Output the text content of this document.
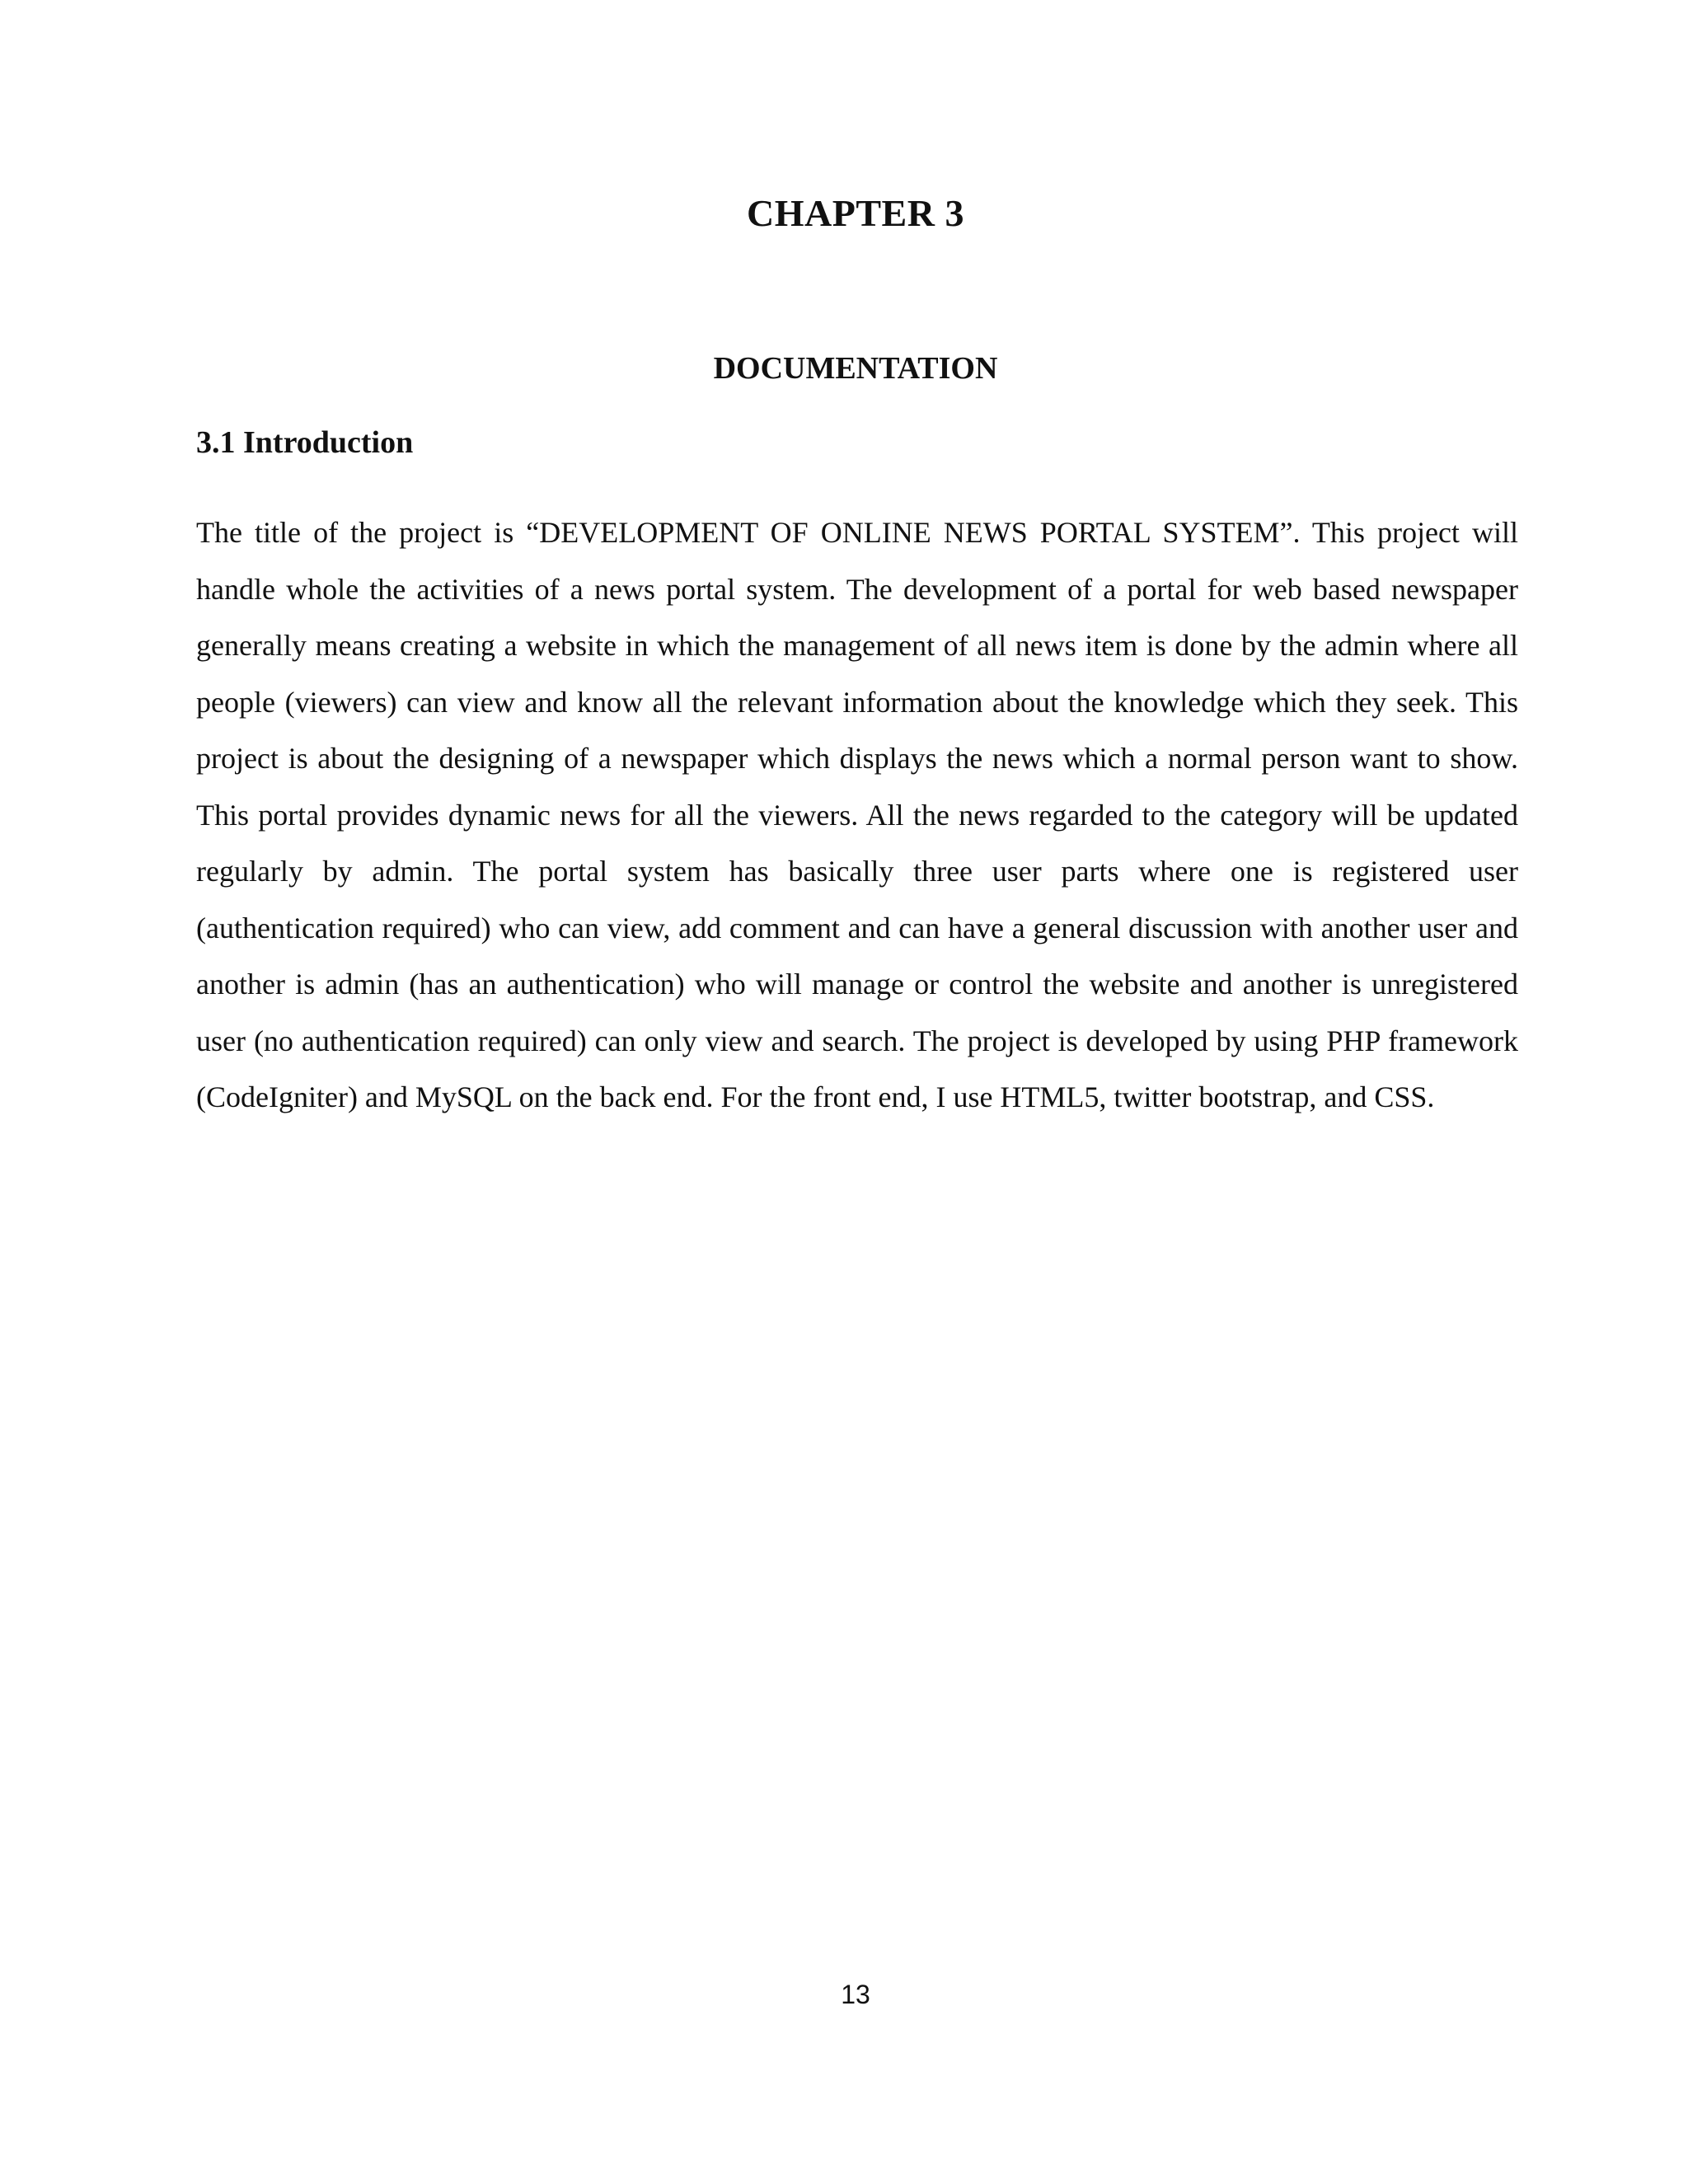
CHAPTER 3
DOCUMENTATION
3.1 Introduction

The title of the project is “DEVELOPMENT OF ONLINE NEWS PORTAL SYSTEM”. This project will handle whole the activities of a news portal system. The development of a portal for web based newspaper generally means creating a website in which the management of all news item is done by the admin where all people (viewers) can view and know all the relevant information about the knowledge which they seek. This project is about the designing of a newspaper which displays the news which a normal person want to show. This portal provides dynamic news for all the viewers. All the news regarded to the category will be updated regularly by admin. The portal system has basically three user parts where one is registered user (authentication required) who can view, add comment and can have a general discussion with another user and another is admin (has an authentication) who will manage or control the website and another is unregistered user (no authentication required) can only view and search. The project is developed by using PHP framework (CodeIgniter) and MySQL on the back end. For the front end, I use HTML5, twitter bootstrap, and CSS.

13
